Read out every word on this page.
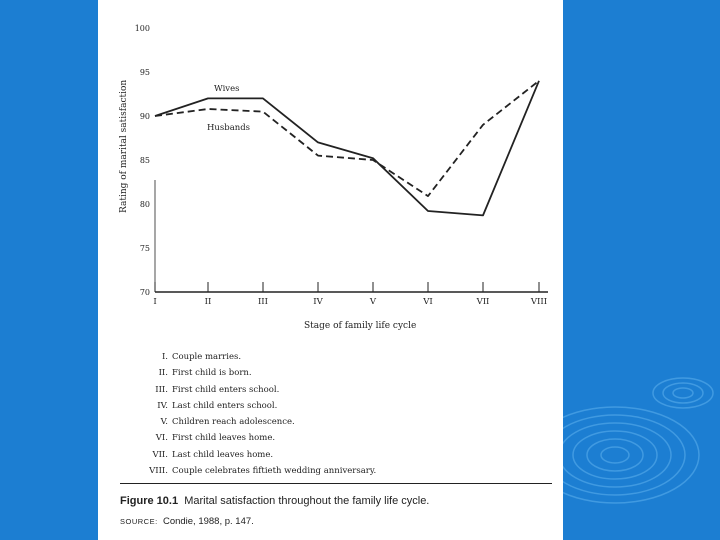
70
75
80
85
90
95
100
I	II	III	IV	V	VI	VII	VIII
Wives
Husbands
Stage of family life cycle
Rating of marital satisfaction
I. Couple marries.
II. First child is born.
III. First child enters school.
IV. Last child enters school.
V. Children reach adolescence.
VI. First child leaves home.
VII. Last child leaves home.
VIII. Couple celebrates fiftieth wedding anniversary.
Figure 10.1 Marital satisfaction throughout the family life cycle.
SOURCE: Condie, 1988, p. 147.
